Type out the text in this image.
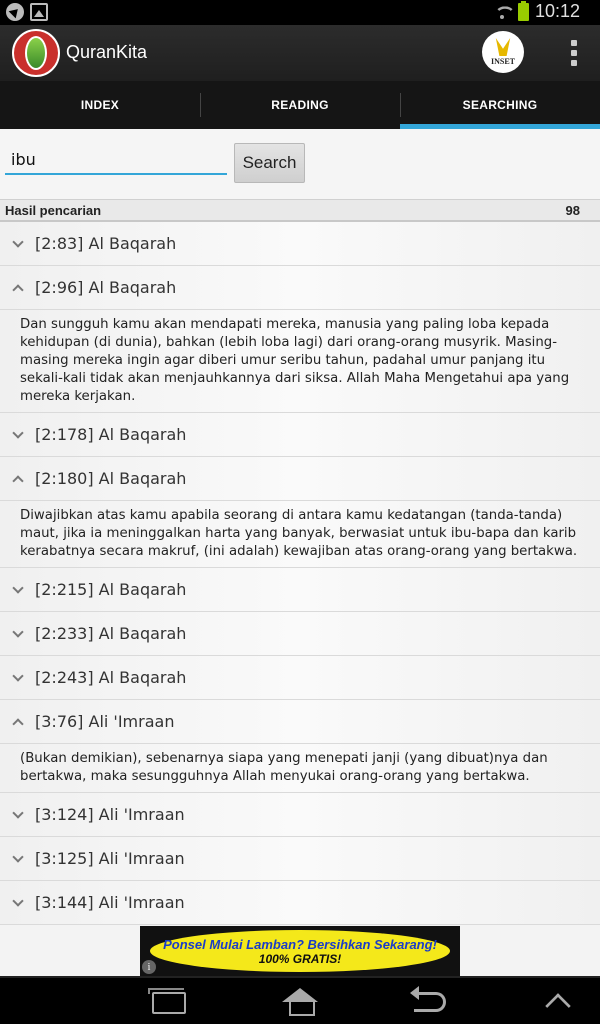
10:12
QuranKita	INSET
INDEX	READING	SEARCHING
ibu
Search
Hasil pencarian	98
[2:83] Al Baqarah
[2:96] Al Baqarah
Dan sungguh kamu akan mendapati mereka, manusia yang paling loba kepada kehidupan (di dunia), bahkan (lebih loba lagi) dari orang-orang musyrik. Masing-masing mereka ingin agar diberi umur seribu tahun, padahal umur panjang itu sekali-kali tidak akan menjauhkannya dari siksa. Allah Maha Mengetahui apa yang mereka kerjakan.
[2:178] Al Baqarah
[2:180] Al Baqarah
Diwajibkan atas kamu apabila seorang di antara kamu kedatangan (tanda-tanda) maut, jika ia meninggalkan harta yang banyak, berwasiat untuk ibu-bapa dan karib kerabatnya secara makruf, (ini adalah) kewajiban atas orang-orang yang bertakwa.
[2:215] Al Baqarah
[2:233] Al Baqarah
[2:243] Al Baqarah
[3:76] Ali 'Imraan
(Bukan demikian), sebenarnya siapa yang menepati janji (yang dibuat)nya dan bertakwa, maka sesungguhnya Allah menyukai orang-orang yang bertakwa.
[3:124] Ali 'Imraan
[3:125] Ali 'Imraan
[3:144] Ali 'Imraan
Ponsel Mulai Lamban? Bersihkan Sekarang!
100% GRATIS!
i
